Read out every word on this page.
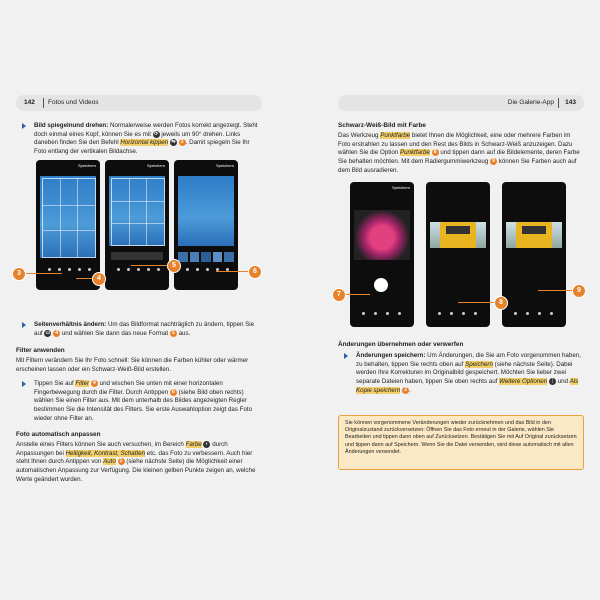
142 Fotos und Videos
Bild spiegelnund drehen: Normalerweise werden Fotos korrekt angezeigt. Steht doch einmal eines Kopf, können Sie es mit ⟳ jeweils um 90° drehen. Links daneben finden Sie den Befehl Horizontal kippen ⇋ 3 . Damit spiegeln Sie Ihr Foto entlang der vertikalen Bildachse.
Speichern	Speichern	Speichern
3
4
5
6
Seitenverhältnis ändern: Um das Bildformat nachträglich zu ändern, tippen Sie auf ▭ 4 und wählen Sie dann das neue Format 5 aus.
Filter anwenden
Mit Filtern verändern Sie Ihr Foto schnell: Sie können die Farben kühler oder wärmer erscheinen lassen oder ein Schwarz-Weiß-Bild erstellen.
Tippen Sie auf Filter 4 und wischen Sie unten mit einer horizontalen Fingerbewegung durch die Filter. Durch Antippen 6 (siehe Bild oben rechts) wählen Sie einen Filter aus. Mit dem unterhalb des Bildes angezeigten Regler bestimmen Sie die Intensität des Filters. Sie erste Auswahloption zeigt das Foto wieder ohne Filter an.
Foto automatisch anpassen
Anstelle eines Filters können Sie auch versuchen, im Bereich Farbe ◐ durch Anpassungen bei Helligkeit, Kontrast, Schatten etc. das Foto zu verbessern. Auch hier steht Ihnen durch Antippen von Auto 1 (siehe nächste Seite) die Möglichkeit einer automatischen Anpassung zur Verfügung. Die kleinen gelben Punkte zeigen an, welche Werte geändert wurden.
Die Galerie-App 143
Schwarz-Weiß-Bild mit Farbe
Das Werkzeug Punktfarbe bietet Ihnen die Möglichkeit, eine oder mehrere Farben im Foto erstrahlen zu lassen und den Rest des Bilds in Schwarz-Weiß anzuzeigen. Dazu wählen Sie die Option Punktfarbe 8 und tippen dann auf die Bildelemente, deren Farbe Sie behalten möchten. Mit dem Radiergummiwerkzeug 9 können Sie Farben auch auf dem Bild ausradieren.
Speichern
7
8
9
Änderungen übernehmen oder verwerfen
Änderungen speichern: Um Änderungen, die Sie am Foto vorgenommen haben, zu behalten, tippen Sie rechts oben auf Speichern (siehe nächste Seite). Dabei werden Ihre Korrekturen im Originalbild gespeichert. Möchten Sie lieber zwei separate Dateien haben, tippen Sie oben rechts auf Weitere Optionen ⋮ und Als Kopie speichern 2 .
Sie können vorgenommene Veränderungen wieder zurücknehmen und das Bild in den Originalzustand zurückversetzen: Öffnen Sie das Foto erneut in der Galerie, wählen Sie Bearbeiten und tippen dann oben auf Zurücksetzen. Bestätigen Sie mit Auf Original zurücksetzen und tippen dann auf Speichern. Wenn Sie die Datei versenden, wird diese automatisch mit allen Änderungen versendet.
